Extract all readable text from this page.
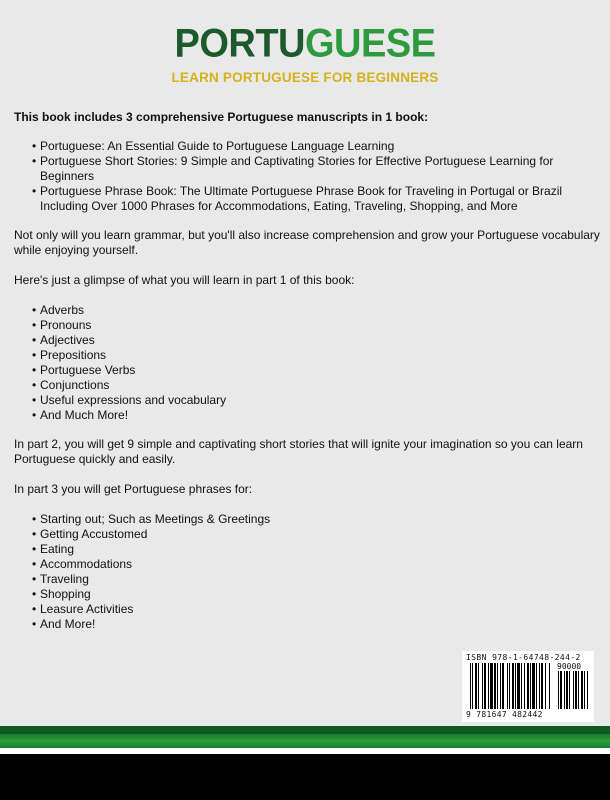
PORTUGUESE
LEARN PORTUGUESE FOR BEGINNERS

This book includes 3 comprehensive Portuguese manuscripts in 1 book:

• Portuguese: An Essential Guide to Portuguese Language Learning
• Portuguese Short Stories: 9 Simple and Captivating Stories for Effective Portuguese Learning for Beginners
• Portuguese Phrase Book: The Ultimate Portuguese Phrase Book for Traveling in Portugal or Brazil Including Over 1000 Phrases for Accommodations, Eating, Traveling, Shopping, and More

Not only will you learn grammar, but you'll also increase comprehension and grow your Portuguese vocabulary while enjoying yourself.

Here's just a glimpse of what you will learn in part 1 of this book:

• Adverbs
• Pronouns
• Adjectives
• Prepositions
• Portuguese Verbs
• Conjunctions
• Useful expressions and vocabulary
• And Much More!

In part 2, you will get 9 simple and captivating short stories that will ignite your imagination so you can learn Portuguese quickly and easily.

In part 3 you will get Portuguese phrases for:

• Starting out; Such as Meetings & Greetings
• Getting Accustomed
• Eating
• Accommodations
• Traveling
• Shopping
• Leasure Activities
• And More!
ISBN 978-1-64748-244-2
90000
9 781647 482442
